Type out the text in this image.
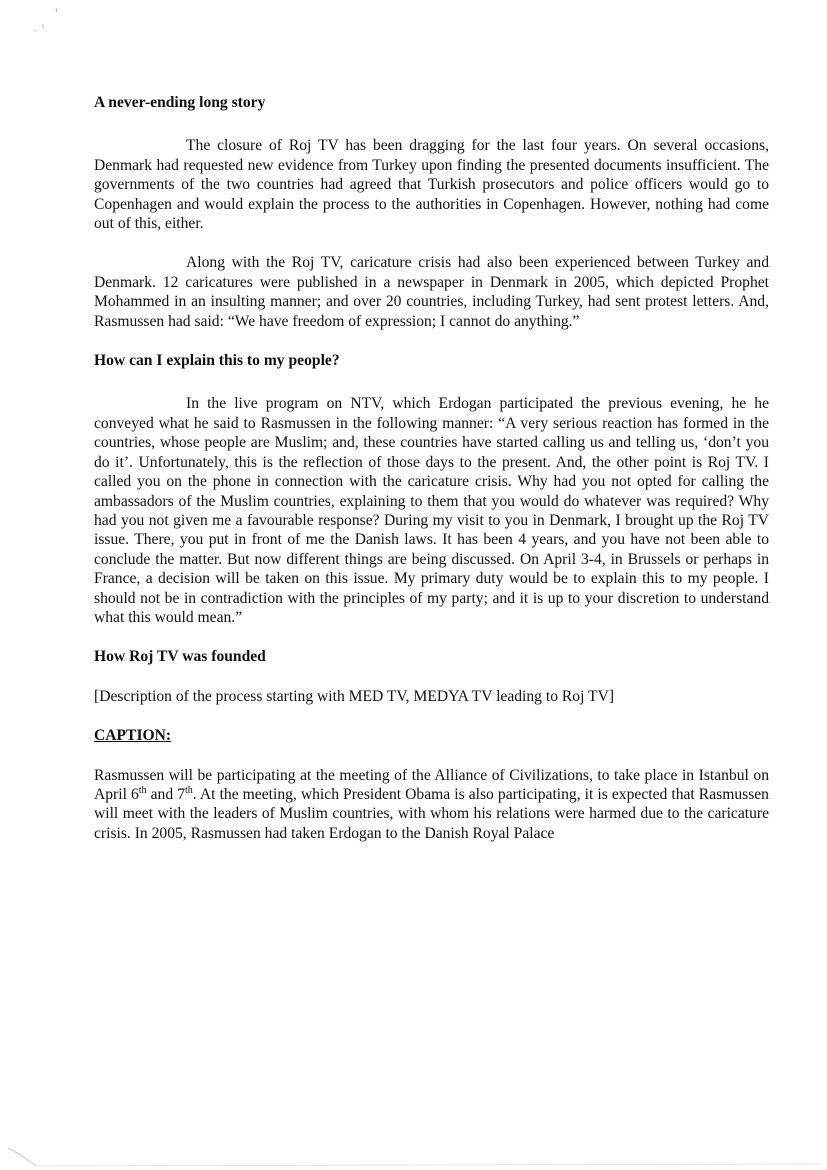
A never-ending long story

The closure of Roj TV has been dragging for the last four years. On several occasions, Denmark had requested new evidence from Turkey upon finding the presented documents insufficient. The governments of the two countries had agreed that Turkish prosecutors and police officers would go to Copenhagen and would explain the process to the authorities in Copenhagen. However, nothing had come out of this, either.

Along with the Roj TV, caricature crisis had also been experienced between Turkey and Denmark. 12 caricatures were published in a newspaper in Denmark in 2005, which depicted Prophet Mohammed in an insulting manner; and over 20 countries, including Turkey, had sent protest letters. And, Rasmussen had said: “We have freedom of expression; I cannot do anything.”

How can I explain this to my people?

In the live program on NTV, which Erdogan participated the previous evening, he he conveyed what he said to Rasmussen in the following manner: “A very serious reaction has formed in the countries, whose people are Muslim; and, these countries have started calling us and telling us, ‘don’t you do it’. Unfortunately, this is the reflection of those days to the present. And, the other point is Roj TV. I called you on the phone in connection with the caricature crisis. Why had you not opted for calling the ambassadors of the Muslim countries, explaining to them that you would do whatever was required? Why had you not given me a favourable response? During my visit to you in Denmark, I brought up the Roj TV issue. There, you put in front of me the Danish laws. It has been 4 years, and you have not been able to conclude the matter. But now different things are being discussed. On April 3-4, in Brussels or perhaps in France, a decision will be taken on this issue. My primary duty would be to explain this to my people. I should not be in contradiction with the principles of my party; and it is up to your discretion to understand what this would mean.”

How Roj TV was founded

[Description of the process starting with MED TV, MEDYA TV leading to Roj TV]

CAPTION:

Rasmussen will be participating at the meeting of the Alliance of Civilizations, to take place in Istanbul on April 6th and 7th. At the meeting, which President Obama is also participating, it is expected that Rasmussen will meet with the leaders of Muslim countries, with whom his relations were harmed due to the caricature crisis. In 2005, Rasmussen had taken Erdogan to the Danish Royal Palace
